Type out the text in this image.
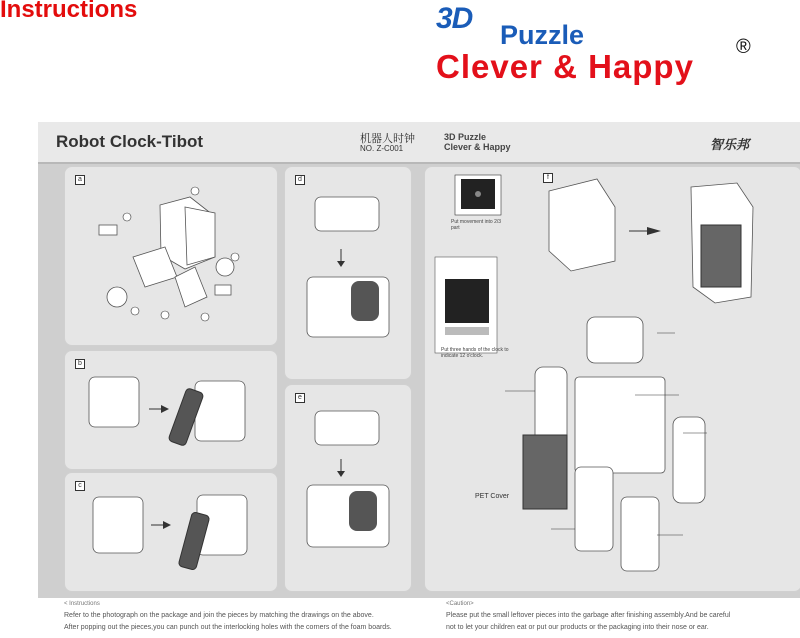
Instructions	3D Puzzle
Clever & Happy
®
Robot Clock-Tibot	机器人时钟
NO. Z-C001
3D Puzzle
Clever & Happy	智乐邦
a
b
c
d
e
f
Put movement into 2/3 part
Put three hands of the clock to indicate 12 o'clock.
PET Cover
< Instructions
Refer to the photograph on the package and join the pieces by matching the drawings on the above.
After popping out the pieces,you can punch out the interlocking holes with the corners of the foam boards.
<Caution>
Please put the small leftover pieces into the garbage after finishing assembly.And be careful
not to let your children eat or put our products or the packaging into their nose or ear.
